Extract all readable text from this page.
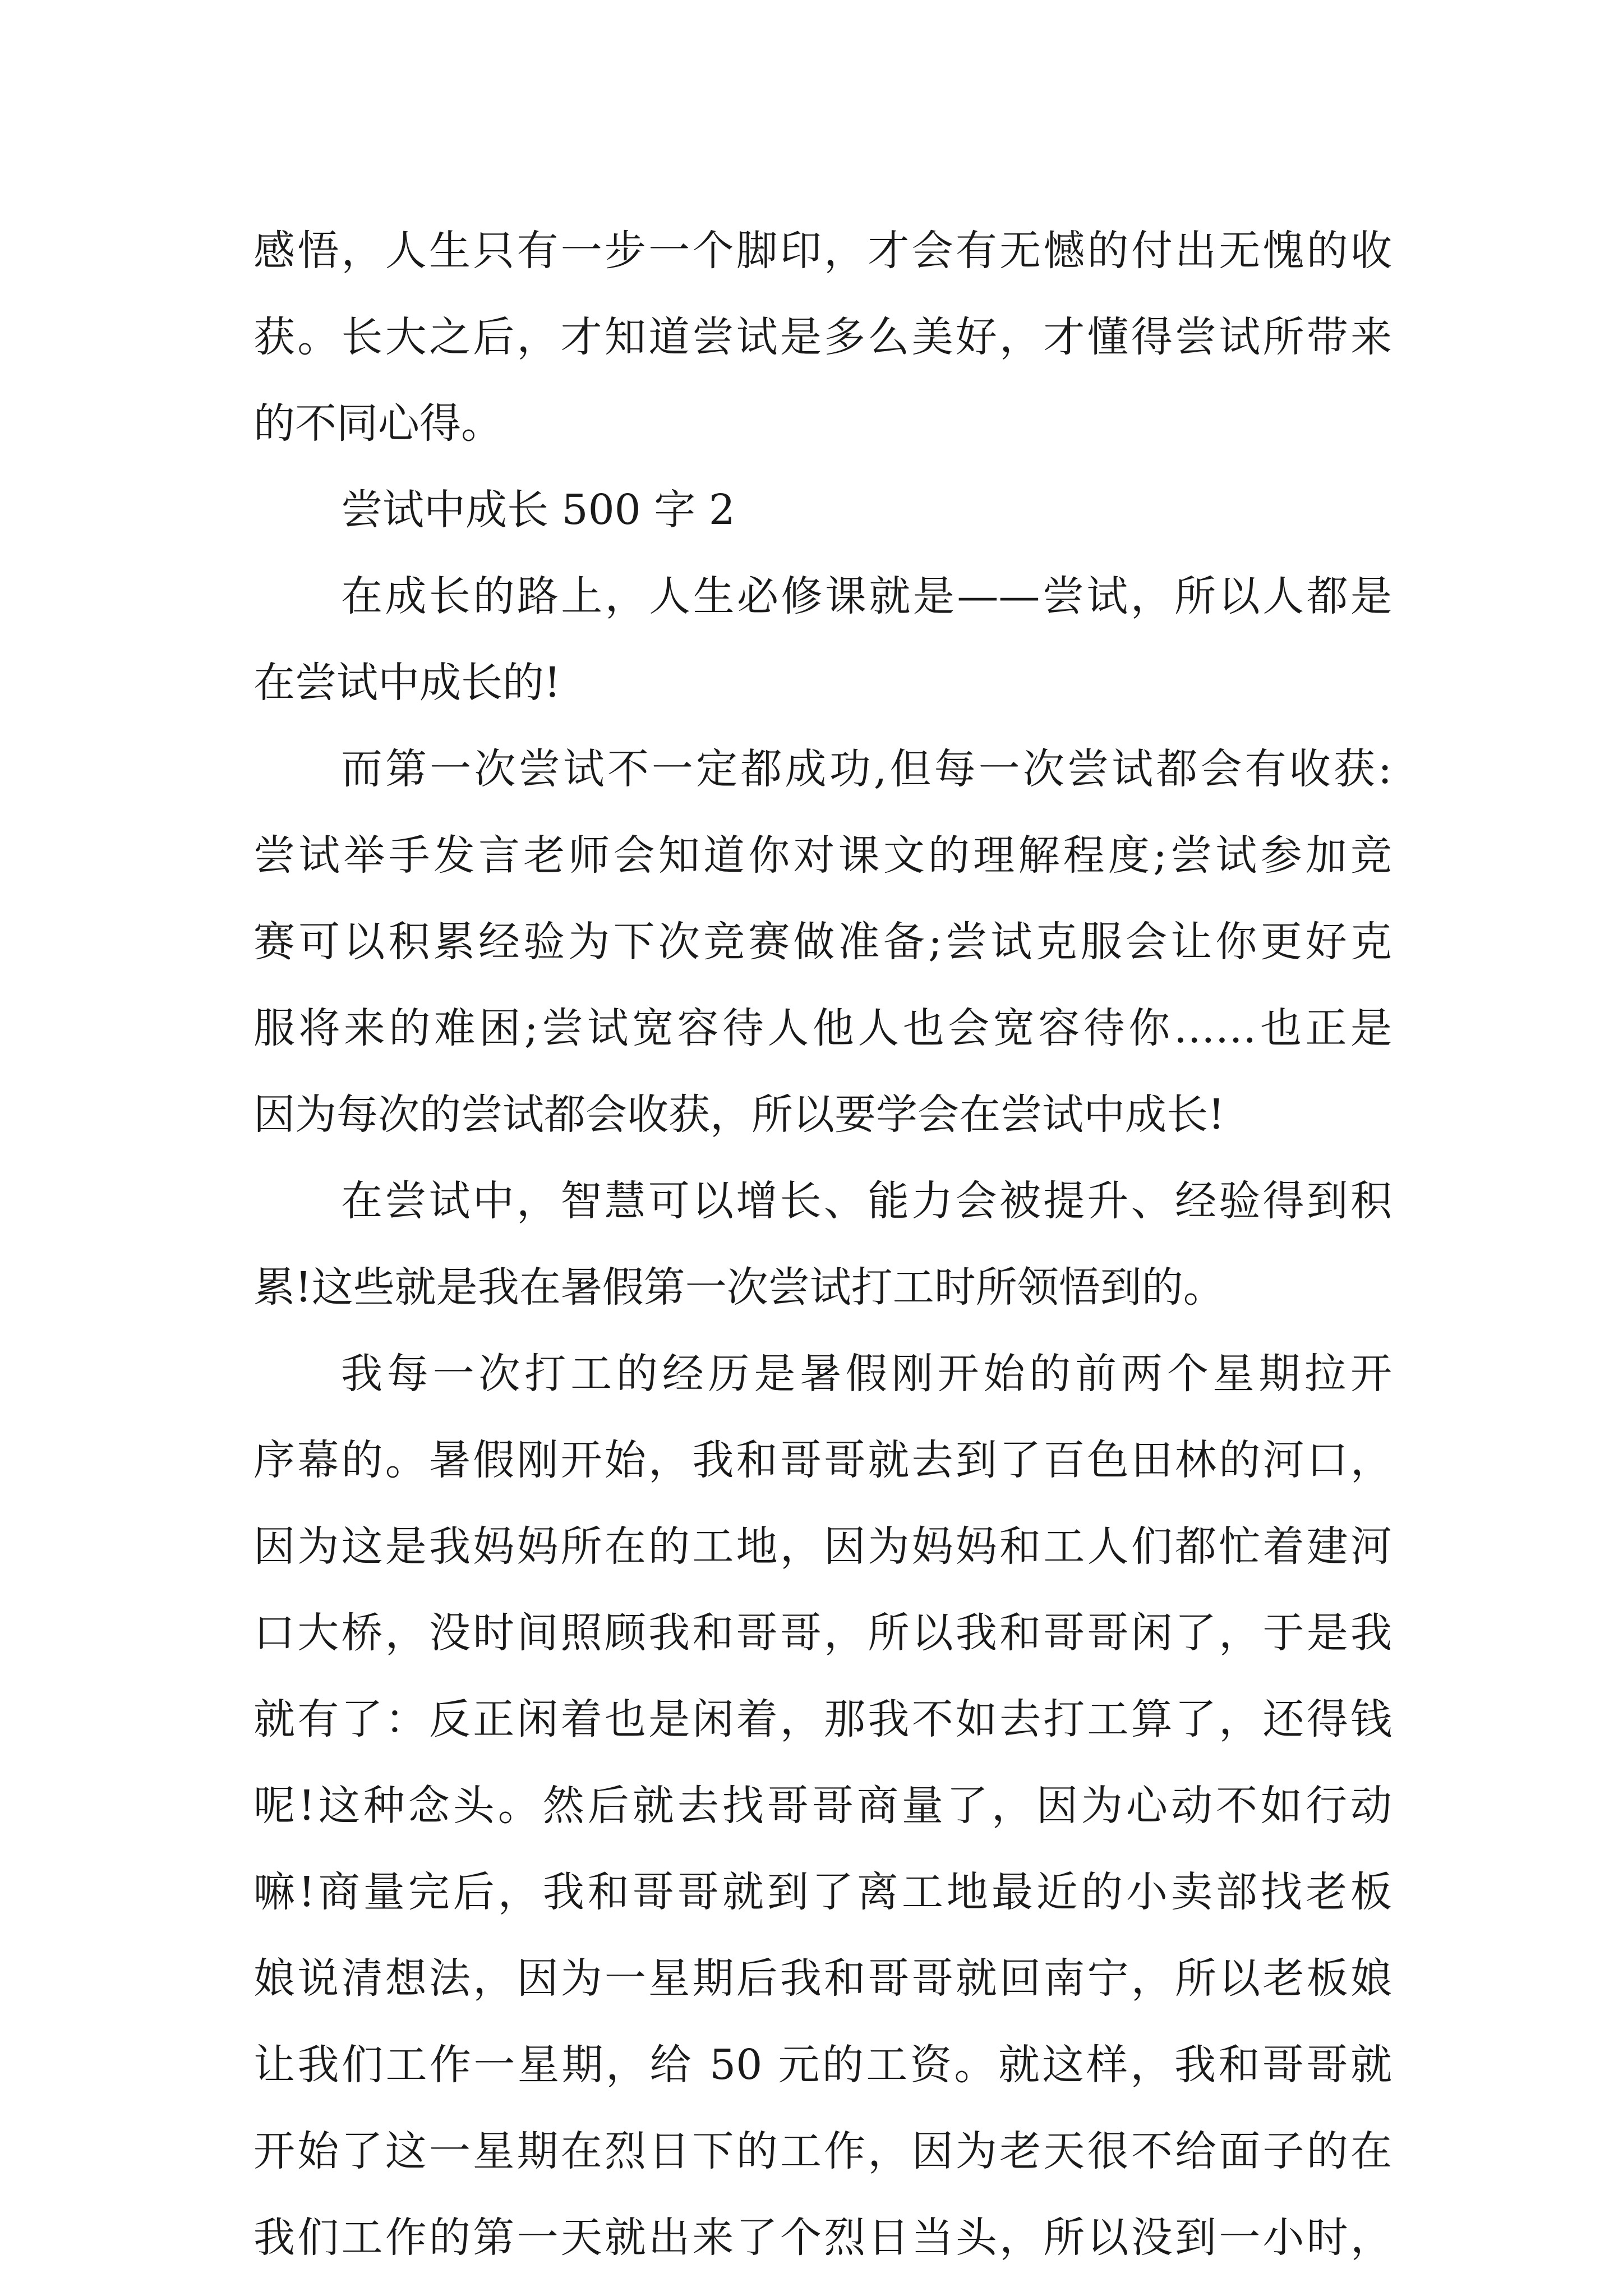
感悟，人生只有一步一个脚印，才会有无憾的付出无愧的收
获。长大之后，才知道尝试是多么美好，才懂得尝试所带来
的不同心得。
尝试中成长 500 字 2
在成长的路上，人生必修课就是——尝试，所以人都是
在尝试中成长的!
而第一次尝试不一定都成功,但每一次尝试都会有收获:
尝试举手发言老师会知道你对课文的理解程度;尝试参加竞
赛可以积累经验为下次竞赛做准备;尝试克服会让你更好克
服将来的难困;尝试宽容待人他人也会宽容待你……也正是
因为每次的尝试都会收获，所以要学会在尝试中成长!
在尝试中，智慧可以增长、能力会被提升、经验得到积
累!这些就是我在暑假第一次尝试打工时所领悟到的。
我每一次打工的经历是暑假刚开始的前两个星期拉开
序幕的。暑假刚开始，我和哥哥就去到了百色田林的河口，
因为这是我妈妈所在的工地，因为妈妈和工人们都忙着建河
口大桥，没时间照顾我和哥哥，所以我和哥哥闲了，于是我
就有了：反正闲着也是闲着，那我不如去打工算了，还得钱
呢!这种念头。然后就去找哥哥商量了，因为心动不如行动
嘛!商量完后，我和哥哥就到了离工地最近的小卖部找老板
娘说清想法，因为一星期后我和哥哥就回南宁，所以老板娘
让我们工作一星期，给 50 元的工资。就这样，我和哥哥就
开始了这一星期在烈日下的工作，因为老天很不给面子的在
我们工作的第一天就出来了个烈日当头，所以没到一小时，
